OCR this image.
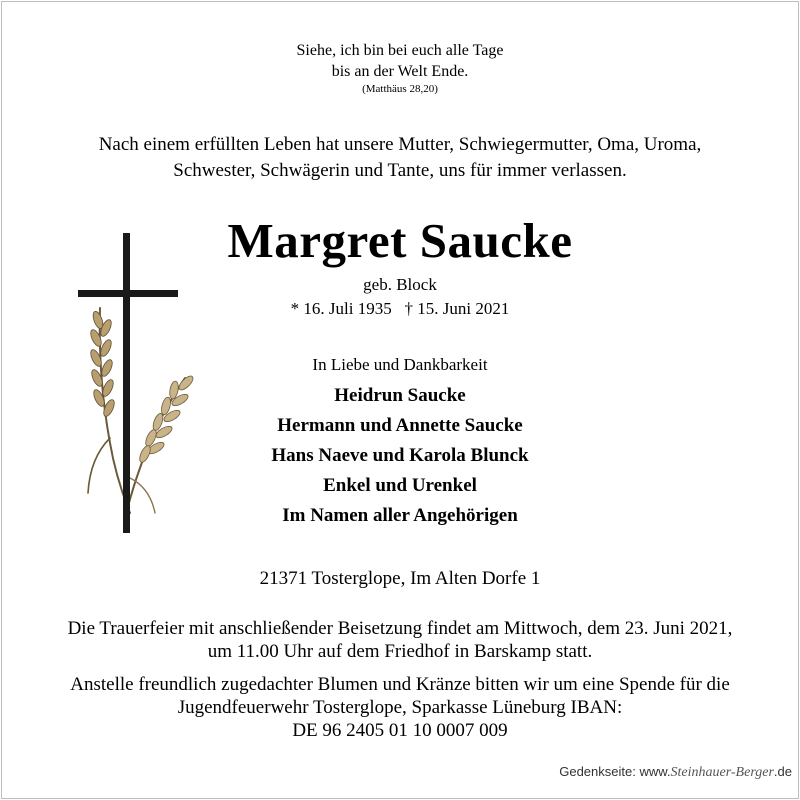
Siehe, ich bin bei euch alle Tage
bis an der Welt Ende.
(Matthäus 28,20)
Nach einem erfüllten Leben hat unsere Mutter, Schwiegermutter, Oma, Uroma,
Schwester, Schwägerin und Tante, uns für immer verlassen.
Margret Saucke
geb. Block
* 16. Juli 1935   † 15. Juni 2021
In Liebe und Dankbarkeit
Heidrun Saucke
Hermann und Annette Saucke
Hans Naeve und Karola Blunck
Enkel und Urenkel
Im Namen aller Angehörigen
21371 Tosterglope, Im Alten Dorfe 1
Die Trauerfeier mit anschließender Beisetzung findet am Mittwoch, dem 23. Juni 2021,
um 11.00 Uhr auf dem Friedhof in Barskamp statt.
Anstelle freundlich zugedachter Blumen und Kränze bitten wir um eine Spende für die
Jugendfeuerwehr Tosterglope, Sparkasse Lüneburg IBAN:
DE 96 2405 01 10 0007 009
Gedenkseite: www.Steinhauer-Berger.de
